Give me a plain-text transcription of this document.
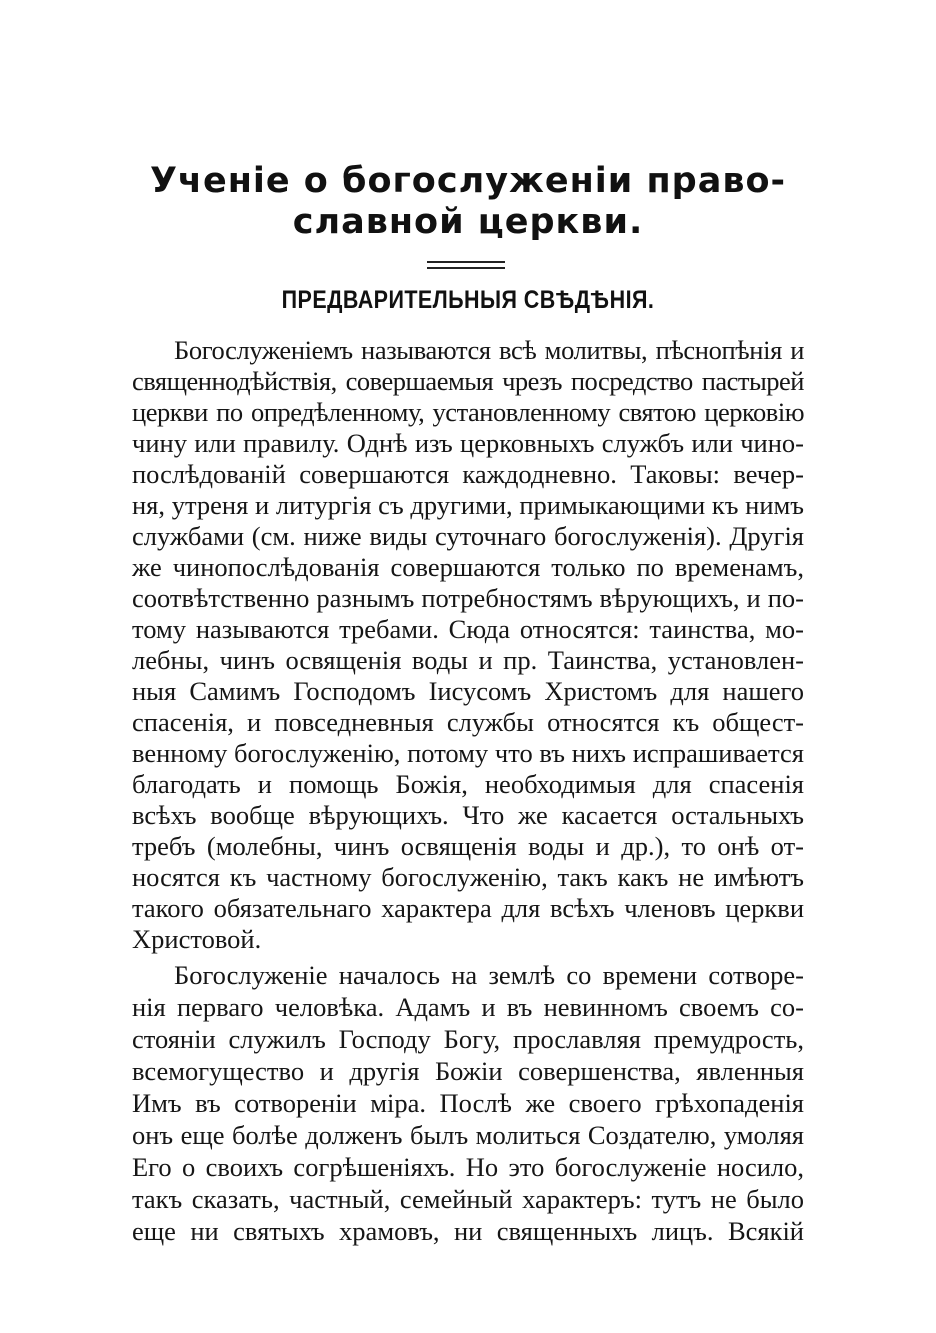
Ученіе о богослуженіи право-
славной церкви.
ПРЕДВАРИТЕЛЬНЫЯ СВѢДѢНІЯ.
Богослуженіемъ называются всѣ молитвы, пѣснопѣнія и
священнодѣйствія, совершаемыя чрезъ посредство пастырей
церкви по опредѣленному, установленному святою церковію
чину или правилу. Однѣ изъ церковныхъ службъ или чино-
послѣдованій совершаются каждодневно. Таковы: вечер-
ня, утреня и литургія съ другими, примыкающими къ нимъ
службами (см. ниже виды суточнаго богослуженія). Другія
же чинопослѣдованія совершаются только по временамъ,
соотвѣтственно разнымъ потребностямъ вѣрующихъ, и по-
тому называются требами. Сюда относятся: таинства, мо-
лебны, чинъ освященія воды и пр. Таинства, установлен-
ныя Самимъ Господомъ Іисусомъ Христомъ для нашего
спасенія, и повседневныя службы относятся къ общест-
венному богослуженію, потому что въ нихъ испрашивается
благодать и помощь Божія, необходимыя для спасенія
всѣхъ вообще вѣрующихъ. Что же касается остальныхъ
требъ (молебны, чинъ освященія воды и др.), то онѣ от-
носятся къ частному богослуженію, такъ какъ не имѣютъ
такого обязательнаго характера для всѣхъ членовъ церкви
Христовой.
Богослуженіе началось на землѣ со времени сотворе-
нія перваго человѣка. Адамъ и въ невинномъ своемъ со-
стояніи служилъ Господу Богу, прославляя премудрость,
всемогущество и другія Божіи совершенства, явленныя
Имъ въ сотвореніи міра. Послѣ же своего грѣхопаденія
онъ еще болѣе долженъ былъ молиться Создателю, умоляя
Его о своихъ согрѣшеніяхъ. Но это богослуженіе носило,
такъ сказать, частный, семейный характеръ: тутъ не было
еще ни святыхъ храмовъ, ни священныхъ лицъ. Всякій
